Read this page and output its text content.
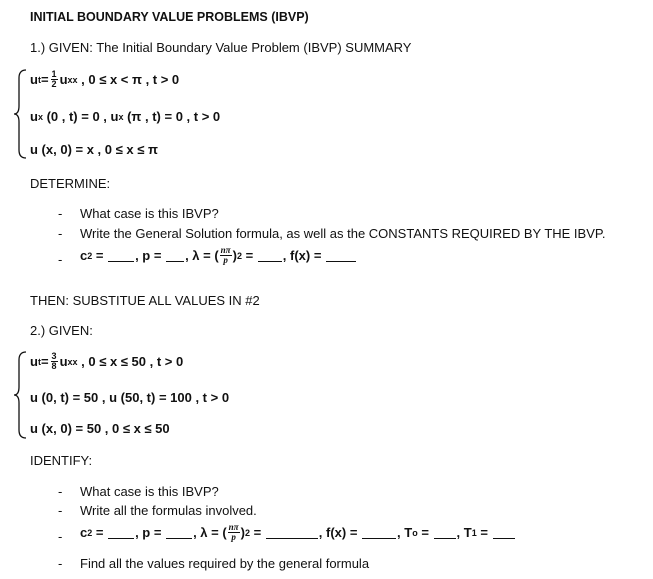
INITIAL BOUNDARY VALUE PROBLEMS (IBVP)
1.) GIVEN: The Initial Boundary Value Problem (IBVP) SUMMARY
u $t = \frac{1}{2}$ u xx , 0 ≤ x < π , t > 0
u x (0 , t) = 0 , u x (π , t) = 0 , t > 0
u (x, 0) = x , 0 ≤ x ≤ π
DETERMINE:
- What case is this IBVP?
- Write the General Solution formula, as well as the CONSTANTS REQUIRED BY THE IBVP.
- c 2 = , p = , λ = ( $\frac{n\pi}{p}$ ) 2 = , f(x) =
THEN: SUBSTITUE ALL VALUES IN #2
2.) GIVEN:
u $t = \frac{3}{8}$ u xx , 0 ≤ x ≤ 50 , t > 0
u (0, t) = 50 , u (50, t) = 100 , t > 0
u (x, 0) = 50 , 0 ≤ x ≤ 50
IDENTIFY:
- What case is this IBVP?
- Write all the formulas involved.
- c 2 = , p = , λ = ( $\frac{n\pi}{p}$ ) 2 =	, f(x) =	, T o = , T 1 =
- Find all the values required by the general formula
